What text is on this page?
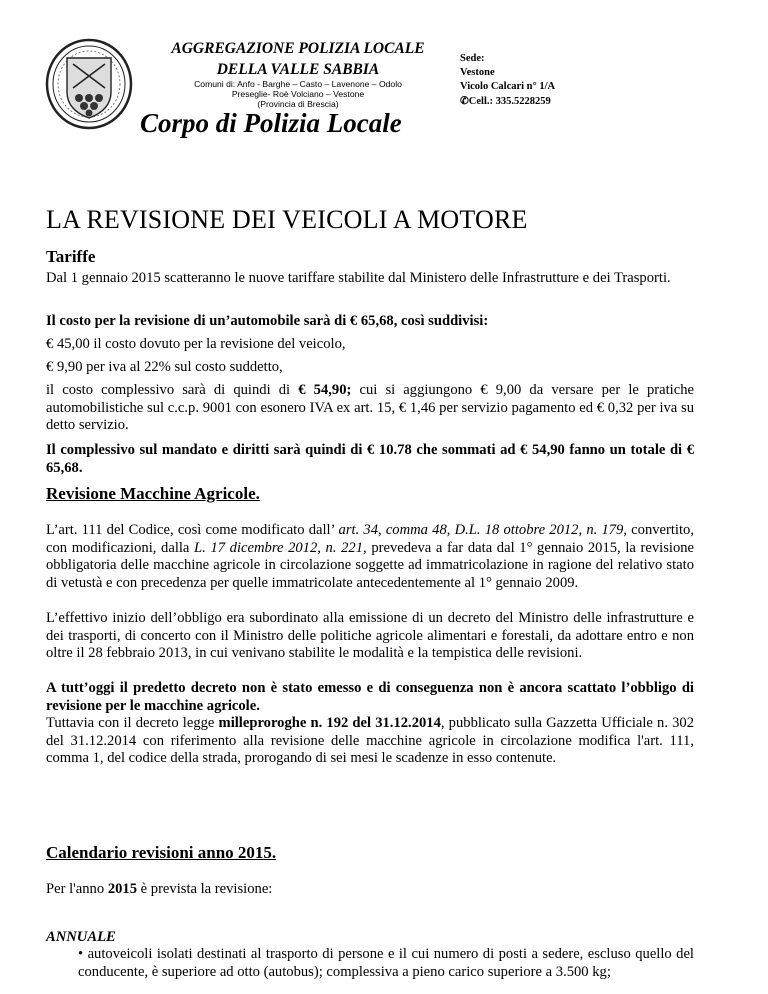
AGGREGAZIONE POLIZIA LOCALE
DELLA VALLE SABBIA
Comuni di: Anfo - Barghe – Casto – Lavenone – Odolo
Preseglie- Roè Volciano – Vestone
(Provincia di Brescia)
Sede:
Vestone
Vicolo Calcari n° 1/A
✆Cell.: 335.5228259
Corpo di Polizia Locale
LA REVISIONE DEI VEICOLI A MOTORE
Tariffe
Dal 1 gennaio 2015 scatteranno le nuove tariffare stabilite dal Ministero delle Infrastrutture e dei Trasporti.
Il costo per la revisione di un’automobile sarà di € 65,68, così suddivisi:
€ 45,00 il costo dovuto per la revisione del veicolo,
€ 9,90 per iva al 22% sul costo suddetto,
il costo complessivo sarà di quindi di € 54,90; cui si aggiungono € 9,00 da versare per le pratiche automobilistiche sul c.c.p. 9001 con esonero IVA ex art. 15, € 1,46 per servizio pagamento ed € 0,32 per iva su detto servizio.
Il complessivo sul mandato e diritti sarà quindi di € 10.78 che sommati ad € 54,90 fanno un totale di € 65,68.
Revisione Macchine Agricole.
L’art. 111 del Codice, così come modificato dall’ art. 34, comma 48, D.L. 18 ottobre 2012, n. 179, convertito, con modificazioni, dalla L. 17 dicembre 2012, n. 221, prevedeva a far data dal 1° gennaio 2015, la revisione obbligatoria delle macchine agricole in circolazione soggette ad immatricolazione in ragione del relativo stato di vetustà e con precedenza per quelle immatricolate antecedentemente al 1° gennaio 2009.
L’effettivo inizio dell’obbligo era subordinato alla emissione di un decreto del Ministro delle infrastrutture e dei trasporti, di concerto con il Ministro delle politiche agricole alimentari e forestali, da adottare entro e non oltre il 28 febbraio 2013, in cui venivano stabilite le modalità e la tempistica delle revisioni.
A tutt’oggi il predetto decreto non è stato emesso e di conseguenza non è ancora scattato l’obbligo di revisione per le macchine agricole.
Tuttavia con il decreto legge milleproroghe n. 192 del 31.12.2014, pubblicato sulla Gazzetta Ufficiale n. 302 del 31.12.2014 con riferimento alla revisione delle macchine agricole in circolazione modifica l'art. 111, comma 1, del codice della strada, prorogando di sei mesi le scadenze in esso contenute.
Calendario revisioni anno 2015.
Per l'anno 2015 è prevista la revisione:
ANNUALE
• autoveicoli isolati destinati al trasporto di persone e il cui numero di posti a sedere, escluso quello del conducente, è superiore ad otto (autobus); complessiva a pieno carico superiore a 3.500 kg;
